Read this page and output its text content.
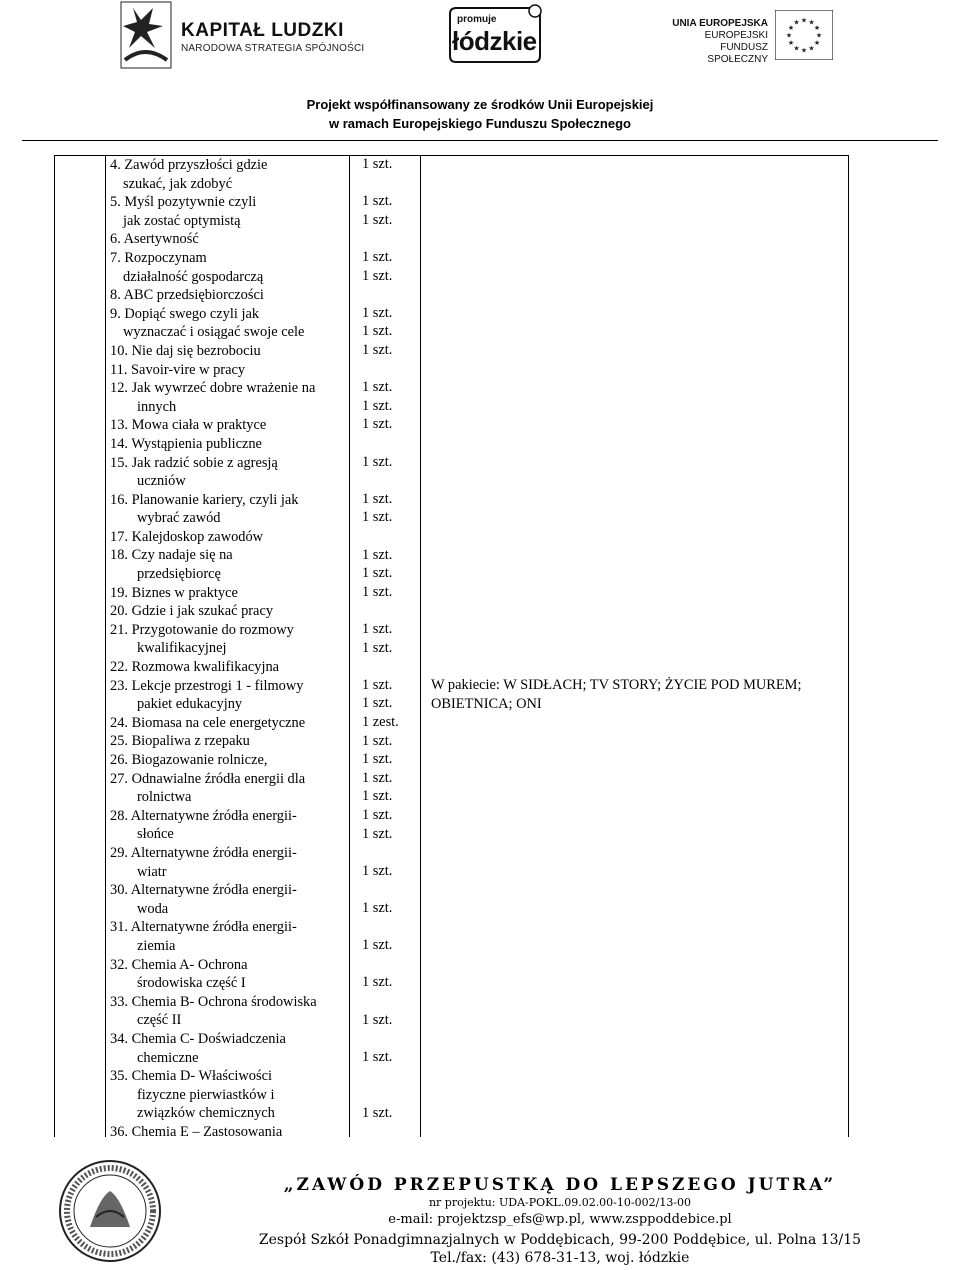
KAPITAŁ LUDZKI
NARODOWA STRATEGIA SPÓJNOŚCI
promuje
łódzkie
UNIA EUROPEJSKA
EUROPEJSKI
FUNDUSZ SPOŁECZNY
★ ★
★
★
★
★
★
★
★
★
★
★
Projekt współfinansowany ze środków Unii Europejskiej
w ramach Europejskiego Funduszu Społecznego
4. Zawód przyszłości gdzie
szukać, jak zdobyć
5. Myśl pozytywnie czyli
jak zostać optymistą
6. Asertywność
7. Rozpoczynam
działalność gospodarczą
8. ABC przedsiębiorczości
9. Dopiąć swego czyli jak
wyznaczać i osiągać swoje cele
10. Nie daj się bezrobociu
11. Savoir-vire w pracy
12. Jak wywrzeć dobre wrażenie na
innych
13. Mowa ciała w praktyce
14. Wystąpienia publiczne
15. Jak radzić sobie z agresją
uczniów
16. Planowanie kariery, czyli jak
wybrać zawód
17. Kalejdoskop zawodów
18. Czy nadaje się na
przedsiębiorcę
19. Biznes w praktyce
20. Gdzie i jak szukać pracy
21. Przygotowanie do rozmowy
kwalifikacyjnej
22. Rozmowa kwalifikacyjna
23. Lekcje przestrogi 1 - filmowy
pakiet edukacyjny
24. Biomasa na cele energetyczne
25. Biopaliwa z rzepaku
26. Biogazowanie rolnicze,
27. Odnawialne źródła energii dla
rolnictwa
28. Alternatywne źródła energii-
słońce
29. Alternatywne źródła energii-
wiatr
30. Alternatywne źródła energii-
woda
31. Alternatywne źródła energii-
ziemia
32. Chemia A- Ochrona
środowiska część I
33. Chemia B- Ochrona środowiska
część II
34. Chemia C- Doświadczenia
chemiczne
35. Chemia D- Właściwości
fizyczne pierwiastków i
związków chemicznych
36. Chemia E – Zastosowania
1 szt.
1 szt.
1 szt.
1 szt.
1 szt.
1 szt.
1 szt.
1 szt.
1 szt.
1 szt.
1 szt.
1 szt.
1 szt.
1 szt.
1 szt.
1 szt.
1 szt.
1 szt.
1 szt.
1 szt.
1 szt.
1 zest.
1 szt.
1 szt.
1 szt.
1 szt.
1 szt.
1 szt.
1 szt.
1 szt.
1 szt.
1 szt.
1 szt.
1 szt.
1 szt.
W pakiecie: W SIDŁACH; TV STORY; ŻYCIE POD MUREM; OBIETNICA; ONI
„ZAWÓD PRZEPUSTKĄ DO LEPSZEGO JUTRA”
nr projektu: UDA-POKL.09.02.00-10-002/13-00
e-mail: projektzsp_efs@wp.pl, www.zsppoddebice.pl
Zespół Szkół Ponadgimnazjalnych w Poddębicach, 99-200 Poddębice, ul. Polna 13/15
Tel./fax: (43) 678-31-13, woj. łódzkie
